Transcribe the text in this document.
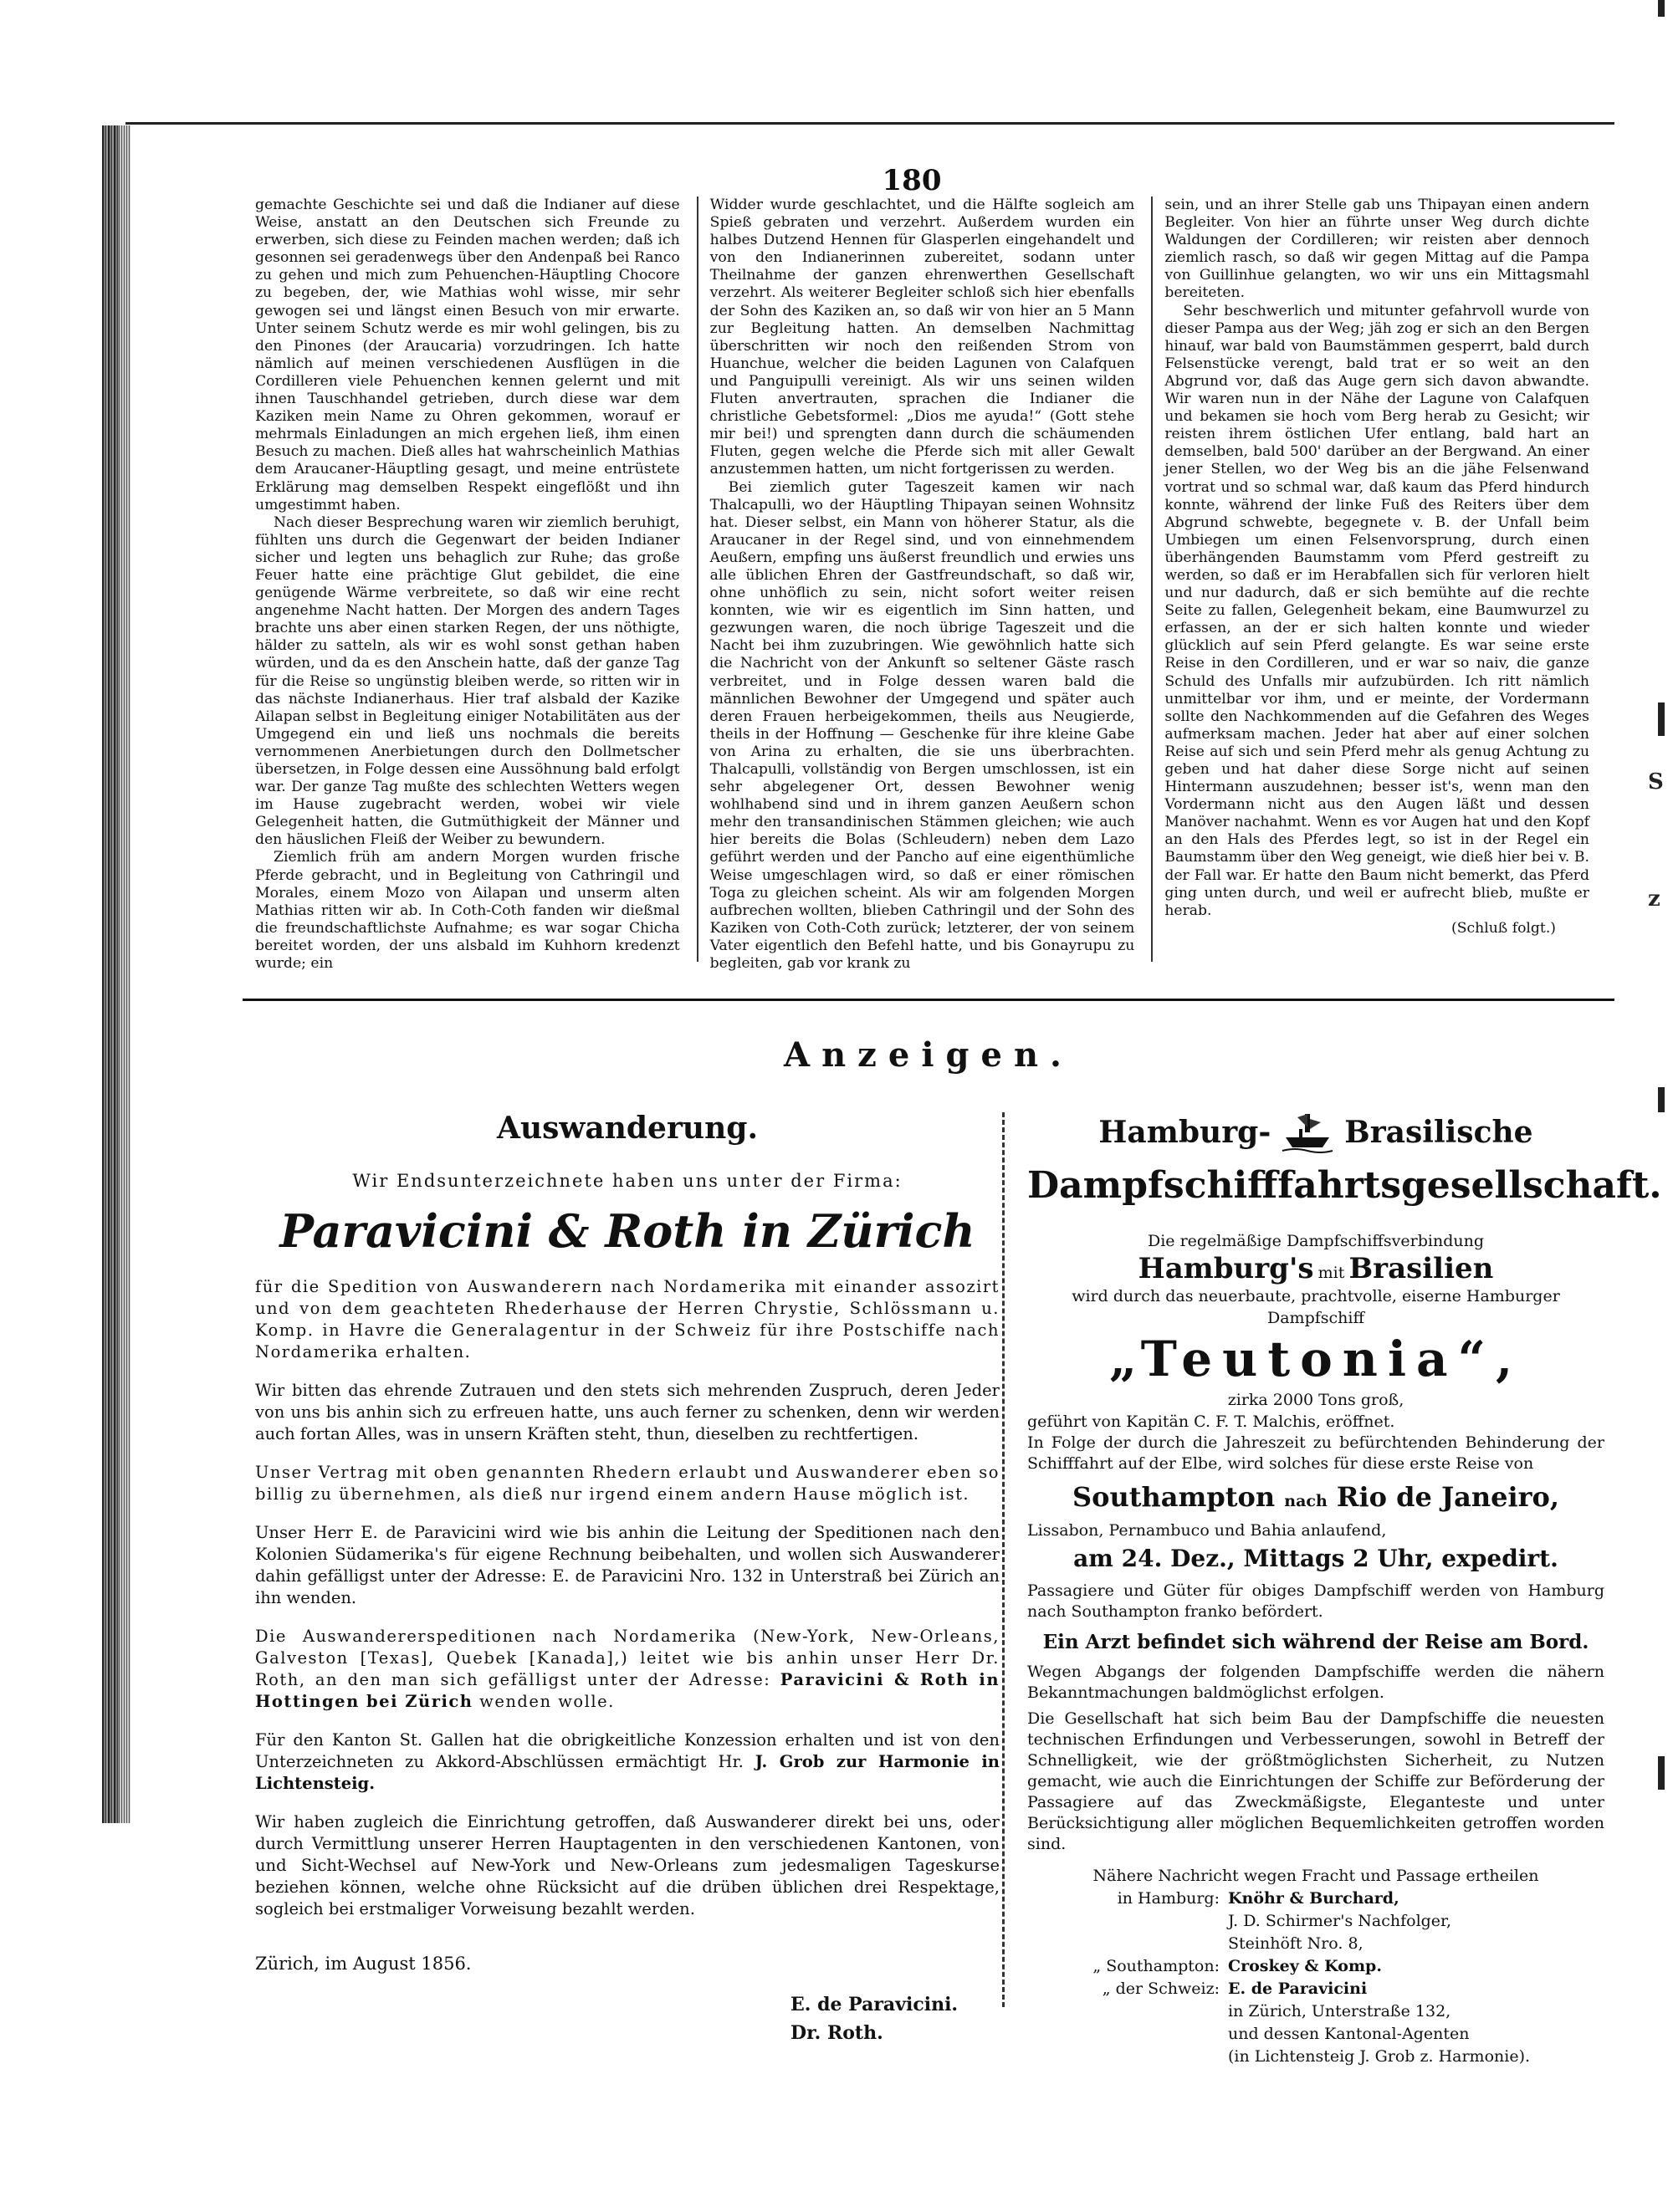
S
z
180

gemachte Geschichte sei und daß die Indianer auf diese Weise, anstatt an den Deutschen sich Freunde zu erwerben, sich diese zu Feinden machen werden; daß ich gesonnen sei geradenwegs über den Andenpaß bei Ranco zu gehen und mich zum Pehuenchen-Häuptling Chocore zu begeben, der, wie Mathias wohl wisse, mir sehr gewogen sei und längst einen Besuch von mir erwarte. Unter seinem Schutz werde es mir wohl gelingen, bis zu den Pinones (der Araucaria) vorzudringen. Ich hatte nämlich auf meinen verschiedenen Ausflügen in die Cordilleren viele Pehuenchen kennen gelernt und mit ihnen Tauschhandel getrieben, durch diese war dem Kaziken mein Name zu Ohren gekommen, worauf er mehrmals Einladungen an mich ergehen ließ, ihm einen Besuch zu machen. Dieß alles hat wahrscheinlich Mathias dem Araucaner-Häuptling gesagt, und meine entrüstete Erklärung mag demselben Respekt eingeflößt und ihn umgestimmt haben.

Nach dieser Besprechung waren wir ziemlich beruhigt, fühlten uns durch die Gegenwart der beiden Indianer sicher und legten uns behaglich zur Ruhe; das große Feuer hatte eine prächtige Glut gebildet, die eine genügende Wärme verbreitete, so daß wir eine recht angenehme Nacht hatten. Der Morgen des andern Tages brachte uns aber einen starken Regen, der uns nöthigte, hälder zu satteln, als wir es wohl sonst gethan haben würden, und da es den Anschein hatte, daß der ganze Tag für die Reise so ungünstig bleiben werde, so ritten wir in das nächste Indianerhaus. Hier traf alsbald der Kazike Ailapan selbst in Begleitung einiger Notabilitäten aus der Umgegend ein und ließ uns nochmals die bereits vernommenen Anerbietungen durch den Dollmetscher übersetzen, in Folge dessen eine Aussöhnung bald erfolgt war. Der ganze Tag mußte des schlechten Wetters wegen im Hause zugebracht werden, wobei wir viele Gelegenheit hatten, die Gutmüthigkeit der Männer und den häuslichen Fleiß der Weiber zu bewundern.

Ziemlich früh am andern Morgen wurden frische Pferde gebracht, und in Begleitung von Cathringil und Morales, einem Mozo von Ailapan und unserm alten Mathias ritten wir ab. In Coth-Coth fanden wir dießmal die freundschaftlichste Aufnahme; es war sogar Chicha bereitet worden, der uns alsbald im Kuhhorn kredenzt wurde; ein

Widder wurde geschlachtet, und die Hälfte sogleich am Spieß gebraten und verzehrt. Außerdem wurden ein halbes Dutzend Hennen für Glasperlen eingehandelt und von den Indianerinnen zubereitet, sodann unter Theilnahme der ganzen ehrenwerthen Gesellschaft verzehrt. Als weiterer Begleiter schloß sich hier ebenfalls der Sohn des Kaziken an, so daß wir von hier an 5 Mann zur Begleitung hatten. An demselben Nachmittag überschritten wir noch den reißenden Strom von Huanchue, welcher die beiden Lagunen von Calafquen und Panguipulli vereinigt. Als wir uns seinen wilden Fluten anvertrauten, sprachen die Indianer die christliche Gebetsformel: „Dios me ayuda!“ (Gott stehe mir bei!) und sprengten dann durch die schäumenden Fluten, gegen welche die Pferde sich mit aller Gewalt anzustemmen hatten, um nicht fortgerissen zu werden.

Bei ziemlich guter Tageszeit kamen wir nach Thalcapulli, wo der Häuptling Thipayan seinen Wohnsitz hat. Dieser selbst, ein Mann von höherer Statur, als die Araucaner in der Regel sind, und von einnehmendem Aeußern, empfing uns äußerst freundlich und erwies uns alle üblichen Ehren der Gastfreundschaft, so daß wir, ohne unhöflich zu sein, nicht sofort weiter reisen konnten, wie wir es eigentlich im Sinn hatten, und gezwungen waren, die noch übrige Tageszeit und die Nacht bei ihm zuzubringen. Wie gewöhnlich hatte sich die Nachricht von der Ankunft so seltener Gäste rasch verbreitet, und in Folge dessen waren bald die männlichen Bewohner der Umgegend und später auch deren Frauen herbeigekommen, theils aus Neugierde, theils in der Hoffnung — Geschenke für ihre kleine Gabe von Arina zu erhalten, die sie uns überbrachten. Thalcapulli, vollständig von Bergen umschlossen, ist ein sehr abgelegener Ort, dessen Bewohner wenig wohlhabend sind und in ihrem ganzen Aeußern schon mehr den transandinischen Stämmen gleichen; wie auch hier bereits die Bolas (Schleudern) neben dem Lazo geführt werden und der Pancho auf eine eigenthümliche Weise umgeschlagen wird, so daß er einer römischen Toga zu gleichen scheint. Als wir am folgenden Morgen aufbrechen wollten, blieben Cathringil und der Sohn des Kaziken von Coth-Coth zurück; letzterer, der von seinem Vater eigentlich den Befehl hatte, und bis Gonayrupu zu begleiten, gab vor krank zu

sein, und an ihrer Stelle gab uns Thipayan einen andern Begleiter. Von hier an führte unser Weg durch dichte Waldungen der Cordilleren; wir reisten aber dennoch ziemlich rasch, so daß wir gegen Mittag auf die Pampa von Guillinhue gelangten, wo wir uns ein Mittagsmahl bereiteten.

Sehr beschwerlich und mitunter gefahrvoll wurde von dieser Pampa aus der Weg; jäh zog er sich an den Bergen hinauf, war bald von Baumstämmen gesperrt, bald durch Felsenstücke verengt, bald trat er so weit an den Abgrund vor, daß das Auge gern sich davon abwandte. Wir waren nun in der Nähe der Lagune von Calafquen und bekamen sie hoch vom Berg herab zu Gesicht; wir reisten ihrem östlichen Ufer entlang, bald hart an demselben, bald 500' darüber an der Bergwand. An einer jener Stellen, wo der Weg bis an die jähe Felsenwand vortrat und so schmal war, daß kaum das Pferd hindurch konnte, während der linke Fuß des Reiters über dem Abgrund schwebte, begegnete v. B. der Unfall beim Umbiegen um einen Felsenvorsprung, durch einen überhängenden Baumstamm vom Pferd gestreift zu werden, so daß er im Herabfallen sich für verloren hielt und nur dadurch, daß er sich bemühte auf die rechte Seite zu fallen, Gelegenheit bekam, eine Baumwurzel zu erfassen, an der er sich halten konnte und wieder glücklich auf sein Pferd gelangte. Es war seine erste Reise in den Cordilleren, und er war so naiv, die ganze Schuld des Unfalls mir aufzubürden. Ich ritt nämlich unmittelbar vor ihm, und er meinte, der Vordermann sollte den Nachkommenden auf die Gefahren des Weges aufmerksam machen. Jeder hat aber auf einer solchen Reise auf sich und sein Pferd mehr als genug Achtung zu geben und hat daher diese Sorge nicht auf seinen Hintermann auszudehnen; besser ist's, wenn man den Vordermann nicht aus den Augen läßt und dessen Manöver nachahmt. Wenn es vor Augen hat und den Kopf an den Hals des Pferdes legt, so ist in der Regel ein Baumstamm über den Weg geneigt, wie dieß hier bei v. B. der Fall war. Er hatte den Baum nicht bemerkt, das Pferd ging unten durch, und weil er aufrecht blieb, mußte er herab.

(Schluß folgt.)
Anzeigen.
Auswanderung.
Wir Endsunterzeichnete haben uns unter der Firma:
Paravicini & Roth in Zürich

für die Spedition von Auswanderern nach Nordamerika mit einander assozirt und von dem geachteten Rhederhause der Herren Chrystie, Schlössmann u. Komp. in Havre die Generalagentur in der Schweiz für ihre Postschiffe nach Nordamerika erhalten.

Wir bitten das ehrende Zutrauen und den stets sich mehrenden Zuspruch, deren Jeder von uns bis anhin sich zu erfreuen hatte, uns auch ferner zu schenken, denn wir werden auch fortan Alles, was in unsern Kräften steht, thun, dieselben zu rechtfertigen.

Unser Vertrag mit oben genannten Rhedern erlaubt und Auswanderer eben so billig zu übernehmen, als dieß nur irgend einem andern Hause möglich ist.

Unser Herr E. de Paravicini wird wie bis anhin die Leitung der Speditionen nach den Kolonien Südamerika's für eigene Rechnung beibehalten, und wollen sich Auswanderer dahin gefälligst unter der Adresse: E. de Paravicini Nro. 132 in Unterstraß bei Zürich an ihn wenden.

Die Auswandererspeditionen nach Nordamerika (New-York, New-Orleans, Galveston [Texas], Quebek [Kanada],) leitet wie bis anhin unser Herr Dr. Roth, an den man sich gefälligst unter der Adresse: Paravicini & Roth in Hottingen bei Zürich wenden wolle.

Für den Kanton St. Gallen hat die obrigkeitliche Konzession erhalten und ist von den Unterzeichneten zu Akkord-Abschlüssen ermächtigt Hr. J. Grob zur Harmonie in Lichtensteig.

Wir haben zugleich die Einrichtung getroffen, daß Auswanderer direkt bei uns, oder durch Vermittlung unserer Herren Hauptagenten in den verschiedenen Kantonen, von und Sicht-Wechsel auf New-York und New-Orleans zum jedesmaligen Tageskurse beziehen können, welche ohne Rücksicht auf die drüben üblichen drei Respektage, sogleich bei erstmaliger Vorweisung bezahlt werden.

Zürich, im August 1856.
E. de Paravicini.
Dr. Roth.
Hamburg- Brasilische
Dampfschifffahrtsgesellschaft.
Die regelmäßige Dampfschiffsverbindung
Hamburg's mit Brasilien
wird durch das neuerbaute, prachtvolle, eiserne Hamburger Dampfschiff
„Teutonia“,
zirka 2000 Tons groß,
geführt von Kapitän C. F. T. Malchis, eröffnet.

In Folge der durch die Jahreszeit zu befürchtenden Behinderung der Schifffahrt auf der Elbe, wird solches für diese erste Reise von

Southampton nach Rio de Janeiro,
Lissabon, Pernambuco und Bahia anlaufend,
am 24. Dez., Mittags 2 Uhr, expedirt.

Passagiere und Güter für obiges Dampfschiff werden von Hamburg nach Southampton franko befördert.

Ein Arzt befindet sich während der Reise am Bord.

Wegen Abgangs der folgenden Dampfschiffe werden die nähern Bekanntmachungen baldmöglichst erfolgen.

Die Gesellschaft hat sich beim Bau der Dampfschiffe die neuesten technischen Erfindungen und Verbesserungen, sowohl in Betreff der Schnelligkeit, wie der größtmöglichsten Sicherheit, zu Nutzen gemacht, wie auch die Einrichtungen der Schiffe zur Beförderung der Passagiere auf das Zweckmäßigste, Eleganteste und unter Berücksichtigung aller möglichen Bequemlichkeiten getroffen worden sind.

Nähere Nachricht wegen Fracht und Passage ertheilen
in Hamburg: Knöhr & Burchard,
J. D. Schirmer's Nachfolger,
Steinhöft Nro. 8,
„ Southampton: Croskey & Komp.
„ der Schweiz: E. de Paravicini
in Zürich, Unterstraße 132,
und dessen Kantonal-Agenten
(in Lichtensteig J. Grob z. Harmonie).
